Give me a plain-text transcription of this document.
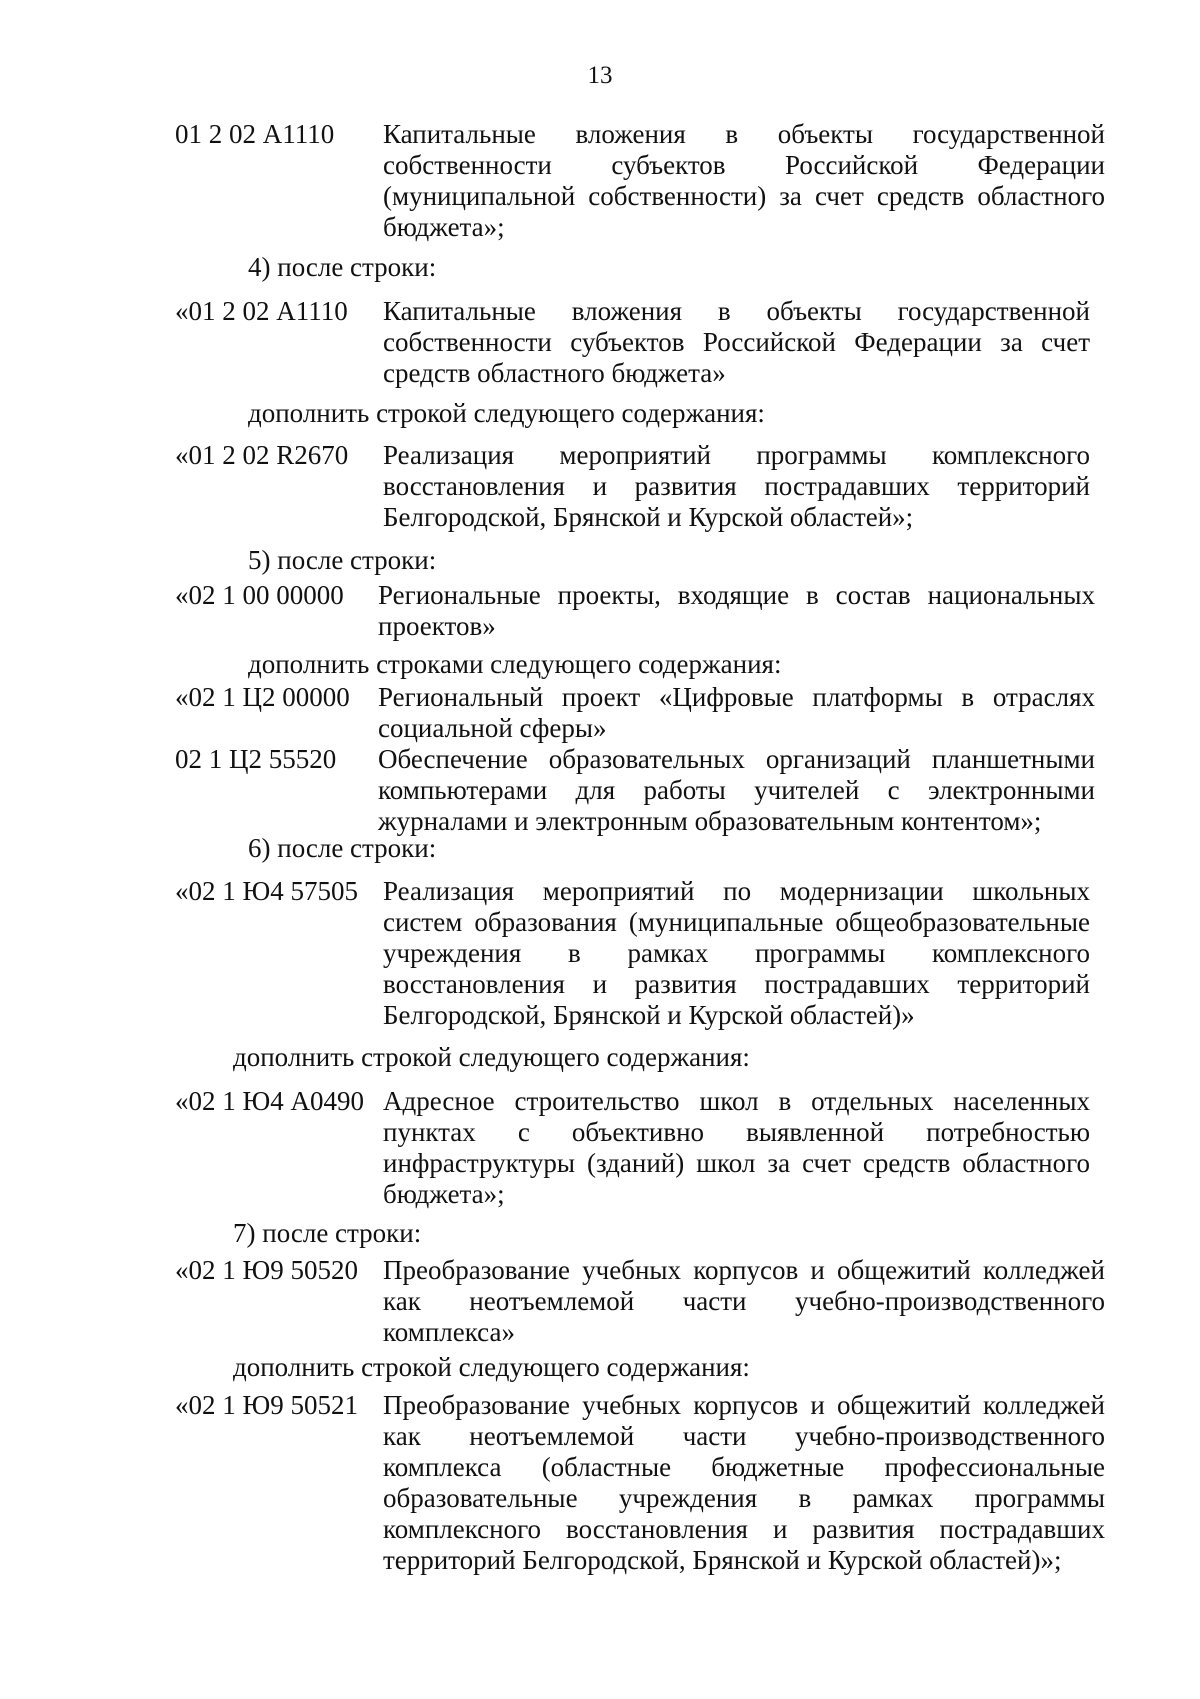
13
01 2 02 А1110 Капитальные вложения в объекты государственной
собственности субъектов Российской Федерации
(муниципальной собственности) за счет средств областного
бюджета»;
4) после строки:
«01 2 02 А1110 Капитальные вложения в объекты государственной
собственности субъектов Российской Федерации за счет
средств областного бюджета»
дополнить строкой следующего содержания:
«01 2 02 R2670 Реализация мероприятий программы комплексного
восстановления и развития пострадавших территорий
Белгородской, Брянской и Курской областей»;
5) после строки:
«02 1 00 00000 Региональные проекты, входящие в состав национальных
проектов»
дополнить строками следующего содержания:
«02 1 Ц2 00000 Региональный проект «Цифровые платформы в отраслях
социальной сферы»
02 1 Ц2 55520 Обеспечение образовательных организаций планшетными
компьютерами для работы учителей с электронными
журналами и электронным образовательным контентом»;
6) после строки:
«02 1 Ю4 57505 Реализация мероприятий по модернизации школьных
систем образования (муниципальные общеобразовательные
учреждения в рамках программы комплексного
восстановления и развития пострадавших территорий
Белгородской, Брянской и Курской областей)»
дополнить строкой следующего содержания:
«02 1 Ю4 А0490 Адресное строительство школ в отдельных населенных
пунктах с объективно выявленной потребностью
инфраструктуры (зданий) школ за счет средств областного
бюджета»;
7) после строки:
«02 1 Ю9 50520 Преобразование учебных корпусов и общежитий колледжей
как неотъемлемой части учебно-производственного
комплекса»
дополнить строкой следующего содержания:
«02 1 Ю9 50521 Преобразование учебных корпусов и общежитий колледжей
как неотъемлемой части учебно-производственного
комплекса (областные бюджетные профессиональные
образовательные учреждения в рамках программы
комплексного восстановления и развития пострадавших
территорий Белгородской, Брянской и Курской областей)»;
